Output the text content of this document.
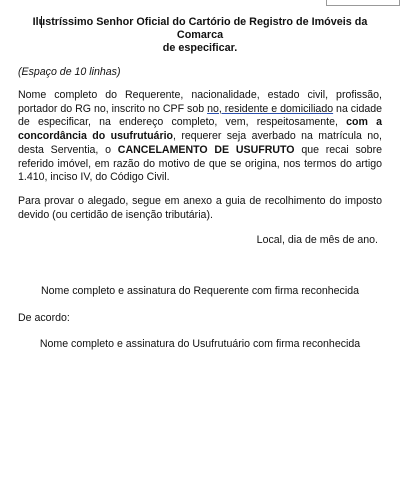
Ilustríssimo Senhor Oficial do Cartório de Registro de Imóveis da Comarca
de especificar.

(Espaço de 10 linhas)
Nome completo do Requerente, nacionalidade, estado civil, profissão, portador do RG no, inscrito no CPF sob no, residente e domiciliado na cidade de especificar, na endereço completo, vem, respeitosamente, com a concordância do usufrutuário, requerer seja averbado na matrícula no, desta Serventia, o CANCELAMENTO DE USUFRUTO que recai sobre referido imóvel, em razão do motivo de que se origina, nos termos do artigo 1.410, inciso IV, do Código Civil.
Para provar o alegado, segue em anexo a guia de recolhimento do imposto devido (ou certidão de isenção tributária).
Local, dia de mês de ano.
Nome completo e assinatura do Requerente com firma reconhecida
De acordo:
Nome completo e assinatura do Usufrutuário com firma reconhecida
